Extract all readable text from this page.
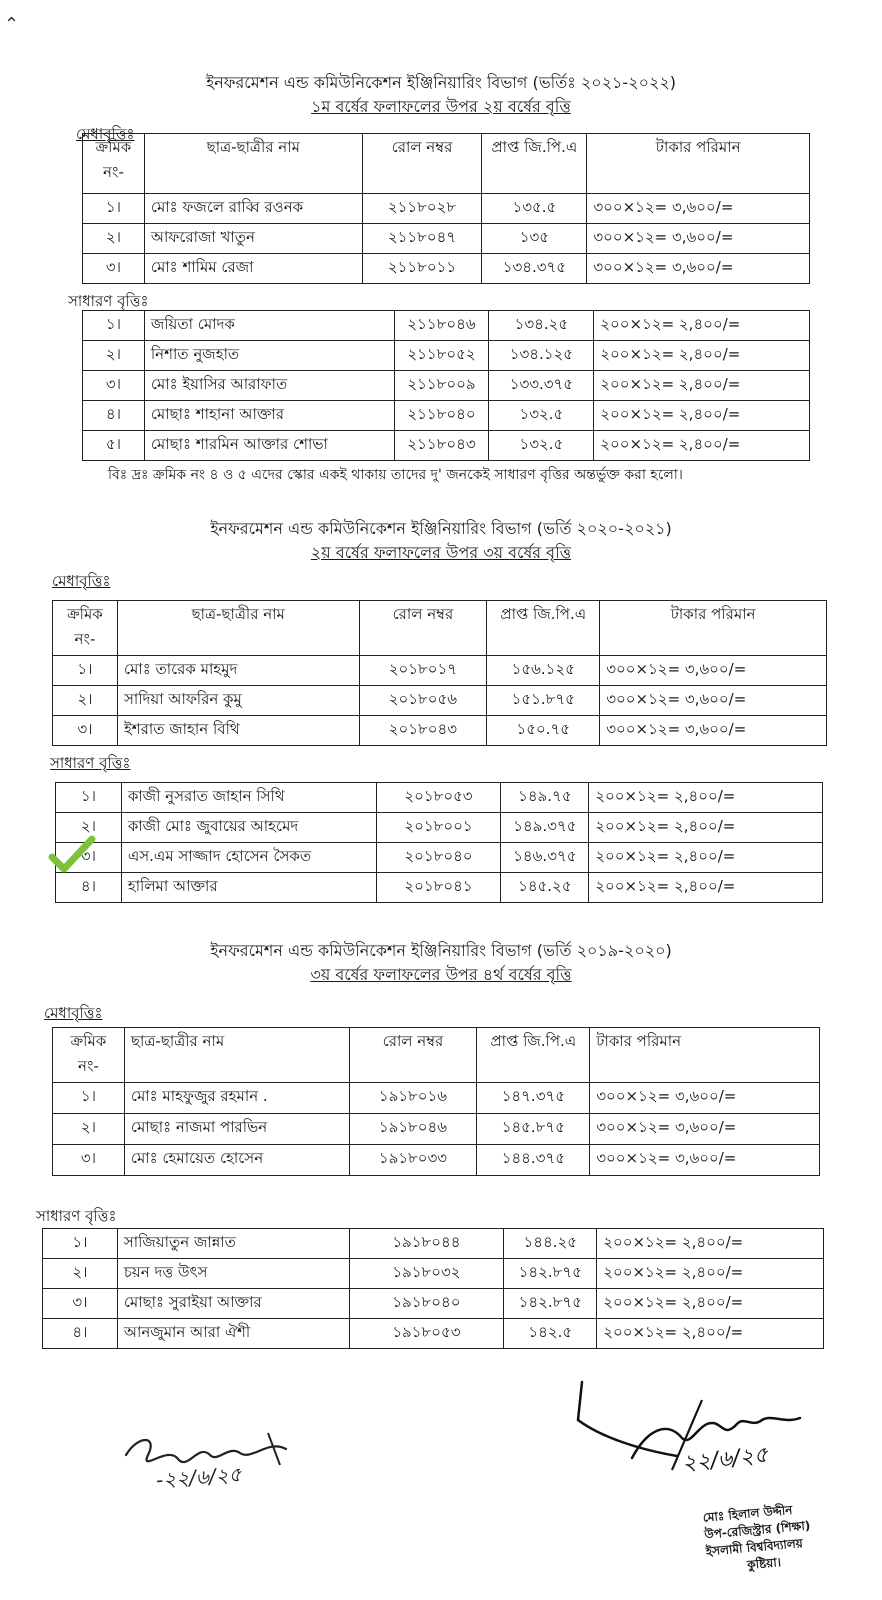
⌃
ইনফরমেশন এন্ড কমিউনিকেশন ইঞ্জিনিয়ারিং বিভাগ (ভর্তিঃ ২০২১-২০২২)
১ম বর্ষের ফলাফলের উপর ২য় বর্ষের বৃত্তি
মেধাবৃত্তিঃ
ক্রমিক নং-	ছাত্র-ছাত্রীর নাম	রোল নম্বর	প্রাপ্ত জি.পি.এ	টাকার পরিমান
১।	মোঃ ফজলে রাব্বি রওনক	২১১৮০২৮	১৩৫.৫	৩০০×১২= ৩,৬০০/=
২।	আফরোজা খাতুন	২১১৮০৪৭	১৩৫	৩০০×১২= ৩,৬০০/=
৩।	মোঃ শামিম রেজা	২১১৮০১১	১৩৪.৩৭৫	৩০০×১২= ৩,৬০০/=
সাধারণ বৃত্তিঃ
১।	জয়িতা মোদক	২১১৮০৪৬	১৩৪.২৫	২০০×১২= ২,৪০০/=
২।	নিশাত নুজহাত	২১১৮০৫২	১৩৪.১২৫	২০০×১২= ২,৪০০/=
৩।	মোঃ ইয়াসির আরাফাত	২১১৮০০৯	১৩৩.৩৭৫	২০০×১২= ২,৪০০/=
৪।	মোছাঃ শাহানা আক্তার	২১১৮০৪০	১৩২.৫	২০০×১২= ২,৪০০/=
৫।	মোছাঃ শারমিন আক্তার শোভা	২১১৮০৪৩	১৩২.৫	২০০×১২= ২,৪০০/=
বিঃ দ্রঃ ক্রমিক নং ৪ ও ৫ এদের স্কোর একই থাকায় তাদের দু' জনকেই সাধারণ বৃত্তির অন্তর্ভুক্ত করা হলো।
ইনফরমেশন এন্ড কমিউনিকেশন ইঞ্জিনিয়ারিং বিভাগ (ভর্তি ২০২০-২০২১)
২য় বর্ষের ফলাফলের উপর ৩য় বর্ষের বৃত্তি
মেধাবৃত্তিঃ
ক্রমিক নং-	ছাত্র-ছাত্রীর নাম	রোল নম্বর	প্রাপ্ত জি.পি.এ	টাকার পরিমান
১।	মোঃ তারেক মাহমুদ	২০১৮০১৭	১৫৬.১২৫	৩০০×১২= ৩,৬০০/=
২।	সাদিয়া আফরিন কুমু	২০১৮০৫৬	১৫১.৮৭৫	৩০০×১২= ৩,৬০০/=
৩।	ইশরাত জাহান বিথি	২০১৮০৪৩	১৫০.৭৫	৩০০×১২= ৩,৬০০/=
সাধারণ বৃত্তিঃ
১।	কাজী নুসরাত জাহান সিথি	২০১৮০৫৩	১৪৯.৭৫	২০০×১২= ২,৪০০/=
২।	কাজী মোঃ জুবায়ের আহমেদ	২০১৮০০১	১৪৯.৩৭৫	২০০×১২= ২,৪০০/=
৩।	এস.এম সাজ্জাদ হোসেন সৈকত	২০১৮০৪০	১৪৬.৩৭৫	২০০×১২= ২,৪০০/=
৪।	হালিমা আক্তার	২০১৮০৪১	১৪৫.২৫	২০০×১২= ২,৪০০/=
ইনফরমেশন এন্ড কমিউনিকেশন ইঞ্জিনিয়ারিং বিভাগ (ভর্তি ২০১৯-২০২০)
৩য় বর্ষের ফলাফলের উপর ৪র্থ বর্ষের বৃত্তি
মেধাবৃত্তিঃ
ক্রমিক নং-	ছাত্র-ছাত্রীর নাম	রোল নম্বর	প্রাপ্ত জি.পি.এ	টাকার পরিমান
১।	মোঃ মাহফুজুর রহমান .	১৯১৮০১৬	১৪৭.৩৭৫	৩০০×১২= ৩,৬০০/=
২।	মোছাঃ নাজমা পারভিন	১৯১৮০৪৬	১৪৫.৮৭৫	৩০০×১২= ৩,৬০০/=
৩।	মোঃ হেমায়েত হোসেন	১৯১৮০৩৩	১৪৪.৩৭৫	৩০০×১২= ৩,৬০০/=
সাধারণ বৃত্তিঃ
১।	সাজিয়াতুন জান্নাত	১৯১৮০৪৪	১৪৪.২৫	২০০×১২= ২,৪০০/=
২।	চয়ন দত্ত উৎস	১৯১৮০৩২	১৪২.৮৭৫	২০০×১২= ২,৪০০/=
৩।	মোছাঃ সুরাইয়া আক্তার	১৯১৮০৪০	১৪২.৮৭৫	২০০×১২= ২,৪০০/=
৪।	আনজুমান আরা ঐশী	১৯১৮০৫৩	১৪২.৫	২০০×১২= ২,৪০০/=
-২২/৬/২৫
২২/৬/২৫
মোঃ হিলাল উদ্দীন
উপ-রেজিস্ট্রার (শিক্ষা)
ইসলামী বিশ্ববিদ্যালয়
কুষ্টিয়া।
